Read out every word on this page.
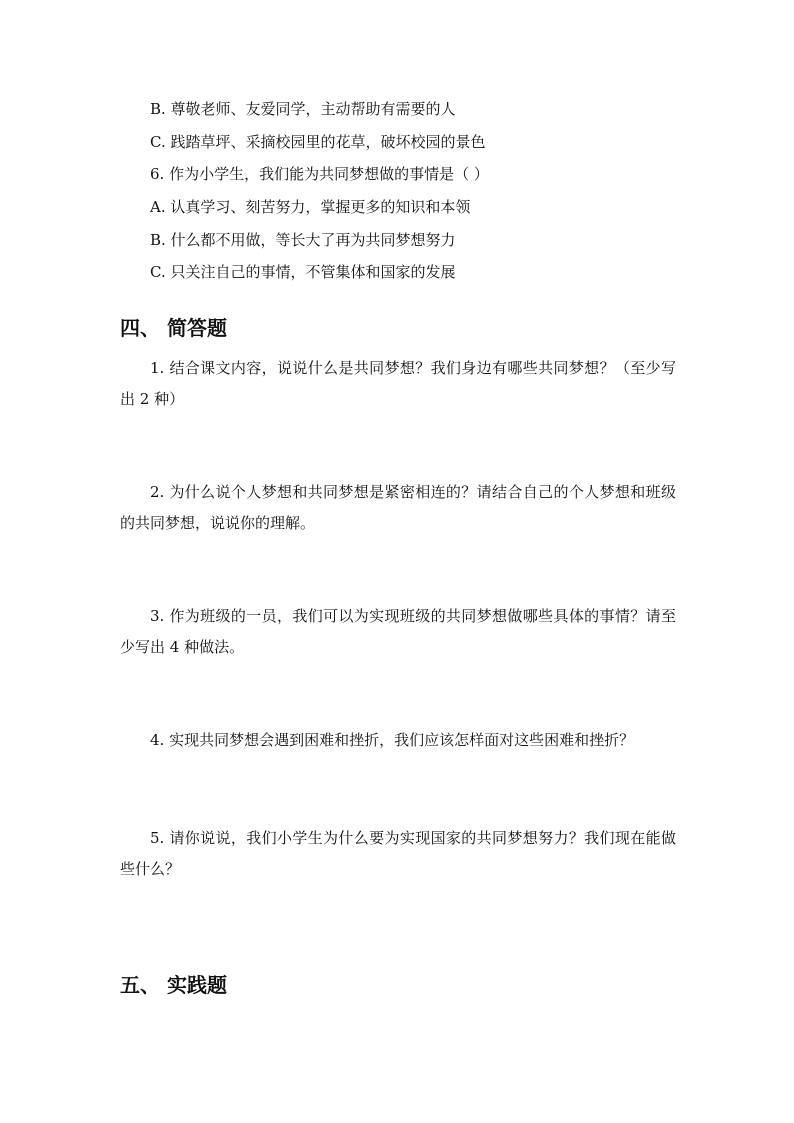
B. 尊敬老师、友爱同学，主动帮助有需要的人
C. 践踏草坪、采摘校园里的花草，破坏校园的景色
6. 作为小学生，我们能为共同梦想做的事情是（ ）
A. 认真学习、刻苦努力，掌握更多的知识和本领
B. 什么都不用做，等长大了再为共同梦想努力
C. 只关注自己的事情，不管集体和国家的发展
四、 简答题
1. 结合课文内容，说说什么是共同梦想？我们身边有哪些共同梦想？（至少写出 2 种）
2. 为什么说个人梦想和共同梦想是紧密相连的？请结合自己的个人梦想和班级的共同梦想，说说你的理解。
3. 作为班级的一员，我们可以为实现班级的共同梦想做哪些具体的事情？请至少写出 4 种做法。
4. 实现共同梦想会遇到困难和挫折，我们应该怎样面对这些困难和挫折？
5. 请你说说，我们小学生为什么要为实现国家的共同梦想努力？我们现在能做些什么？
五、 实践题
